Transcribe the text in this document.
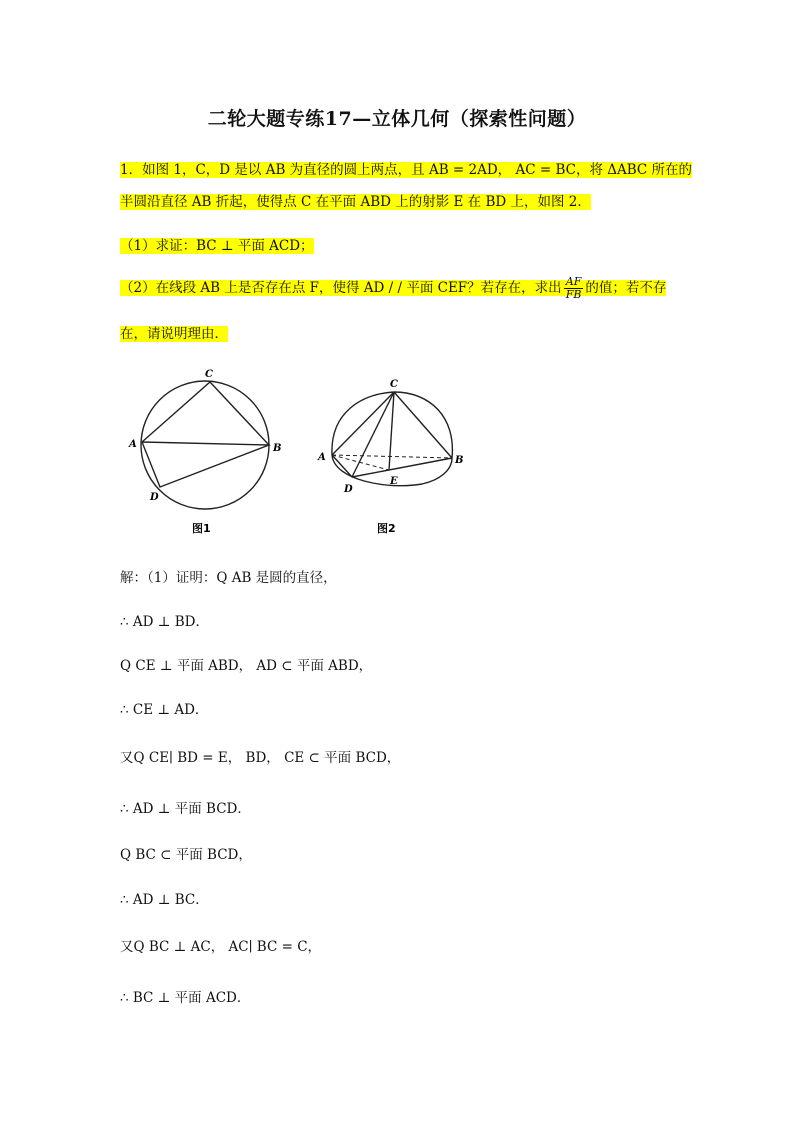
二轮大题专练17—立体几何（探索性问题）
1．如图 1，C，D 是以 AB 为直径的圆上两点，且 AB = 2AD， AC = BC，将 ΔABC 所在的
半圆沿直径 AB 折起，使得点 C 在平面 ABD 上的射影 E 在 BD 上，如图 2．
（1）求证：BC ⊥ 平面 ACD；
（2）在线段 AB 上是否存在点 F，使得 AD / / 平面 CEF？若存在，求出 $\frac{AF}{FB}$ 的值；若不存
在，请说明理由．
C
A	B
D
图1
C
A	B
D
E
图2
解：（1）证明：Q AB 是圆的直径，
∴ AD ⊥ BD．
Q CE ⊥ 平面 ABD， AD ⊂ 平面 ABD，
∴ CE ⊥ AD．
又Q CE∣ BD = E， BD， CE ⊂ 平面 BCD，
∴ AD ⊥ 平面 BCD．
Q BC ⊂ 平面 BCD，
∴ AD ⊥ BC．
又Q BC ⊥ AC， AC∣ BC = C，
∴ BC ⊥ 平面 ACD．
